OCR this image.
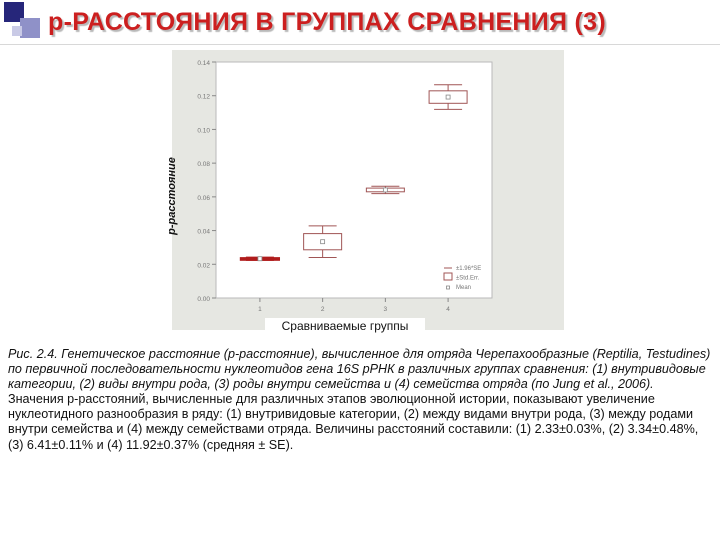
р-РАССТОЯНИЯ В ГРУППАХ СРАВНЕНИЯ (3)
0.00
0.02
0.04
0.06
0.08
0.10
0.12
0.14
1	2	3	4
±1.96*SE
±Std.Err.
Mean
р-расстояние
Сравниваемые группы

Рис. 2.4. Генетическое расстояние (р-расстояние), вычисленное для отряда Черепахообразные (Reptilia, Testudines) по первичной последовательности нуклеотидов гена 16S рРНК в различных группах сравнения: (1) внутривидовые категории, (2) виды внутри рода, (3) роды внутри семейства и (4) семейства отряда (по Jung et al., 2006).

Значения р-расстояний, вычисленные для различных этапов эволюционной истории, показывают увеличение нуклеотидного разнообразия в ряду: (1) внутривидовые категории, (2) между видами внутри рода, (3) между родами внутри семейства и (4) между семействами отряда. Величины расстояний составили: (1) 2.33±0.03%, (2) 3.34±0.48%, (3) 6.41±0.11% и (4) 11.92±0.37% (средняя ± SE).
